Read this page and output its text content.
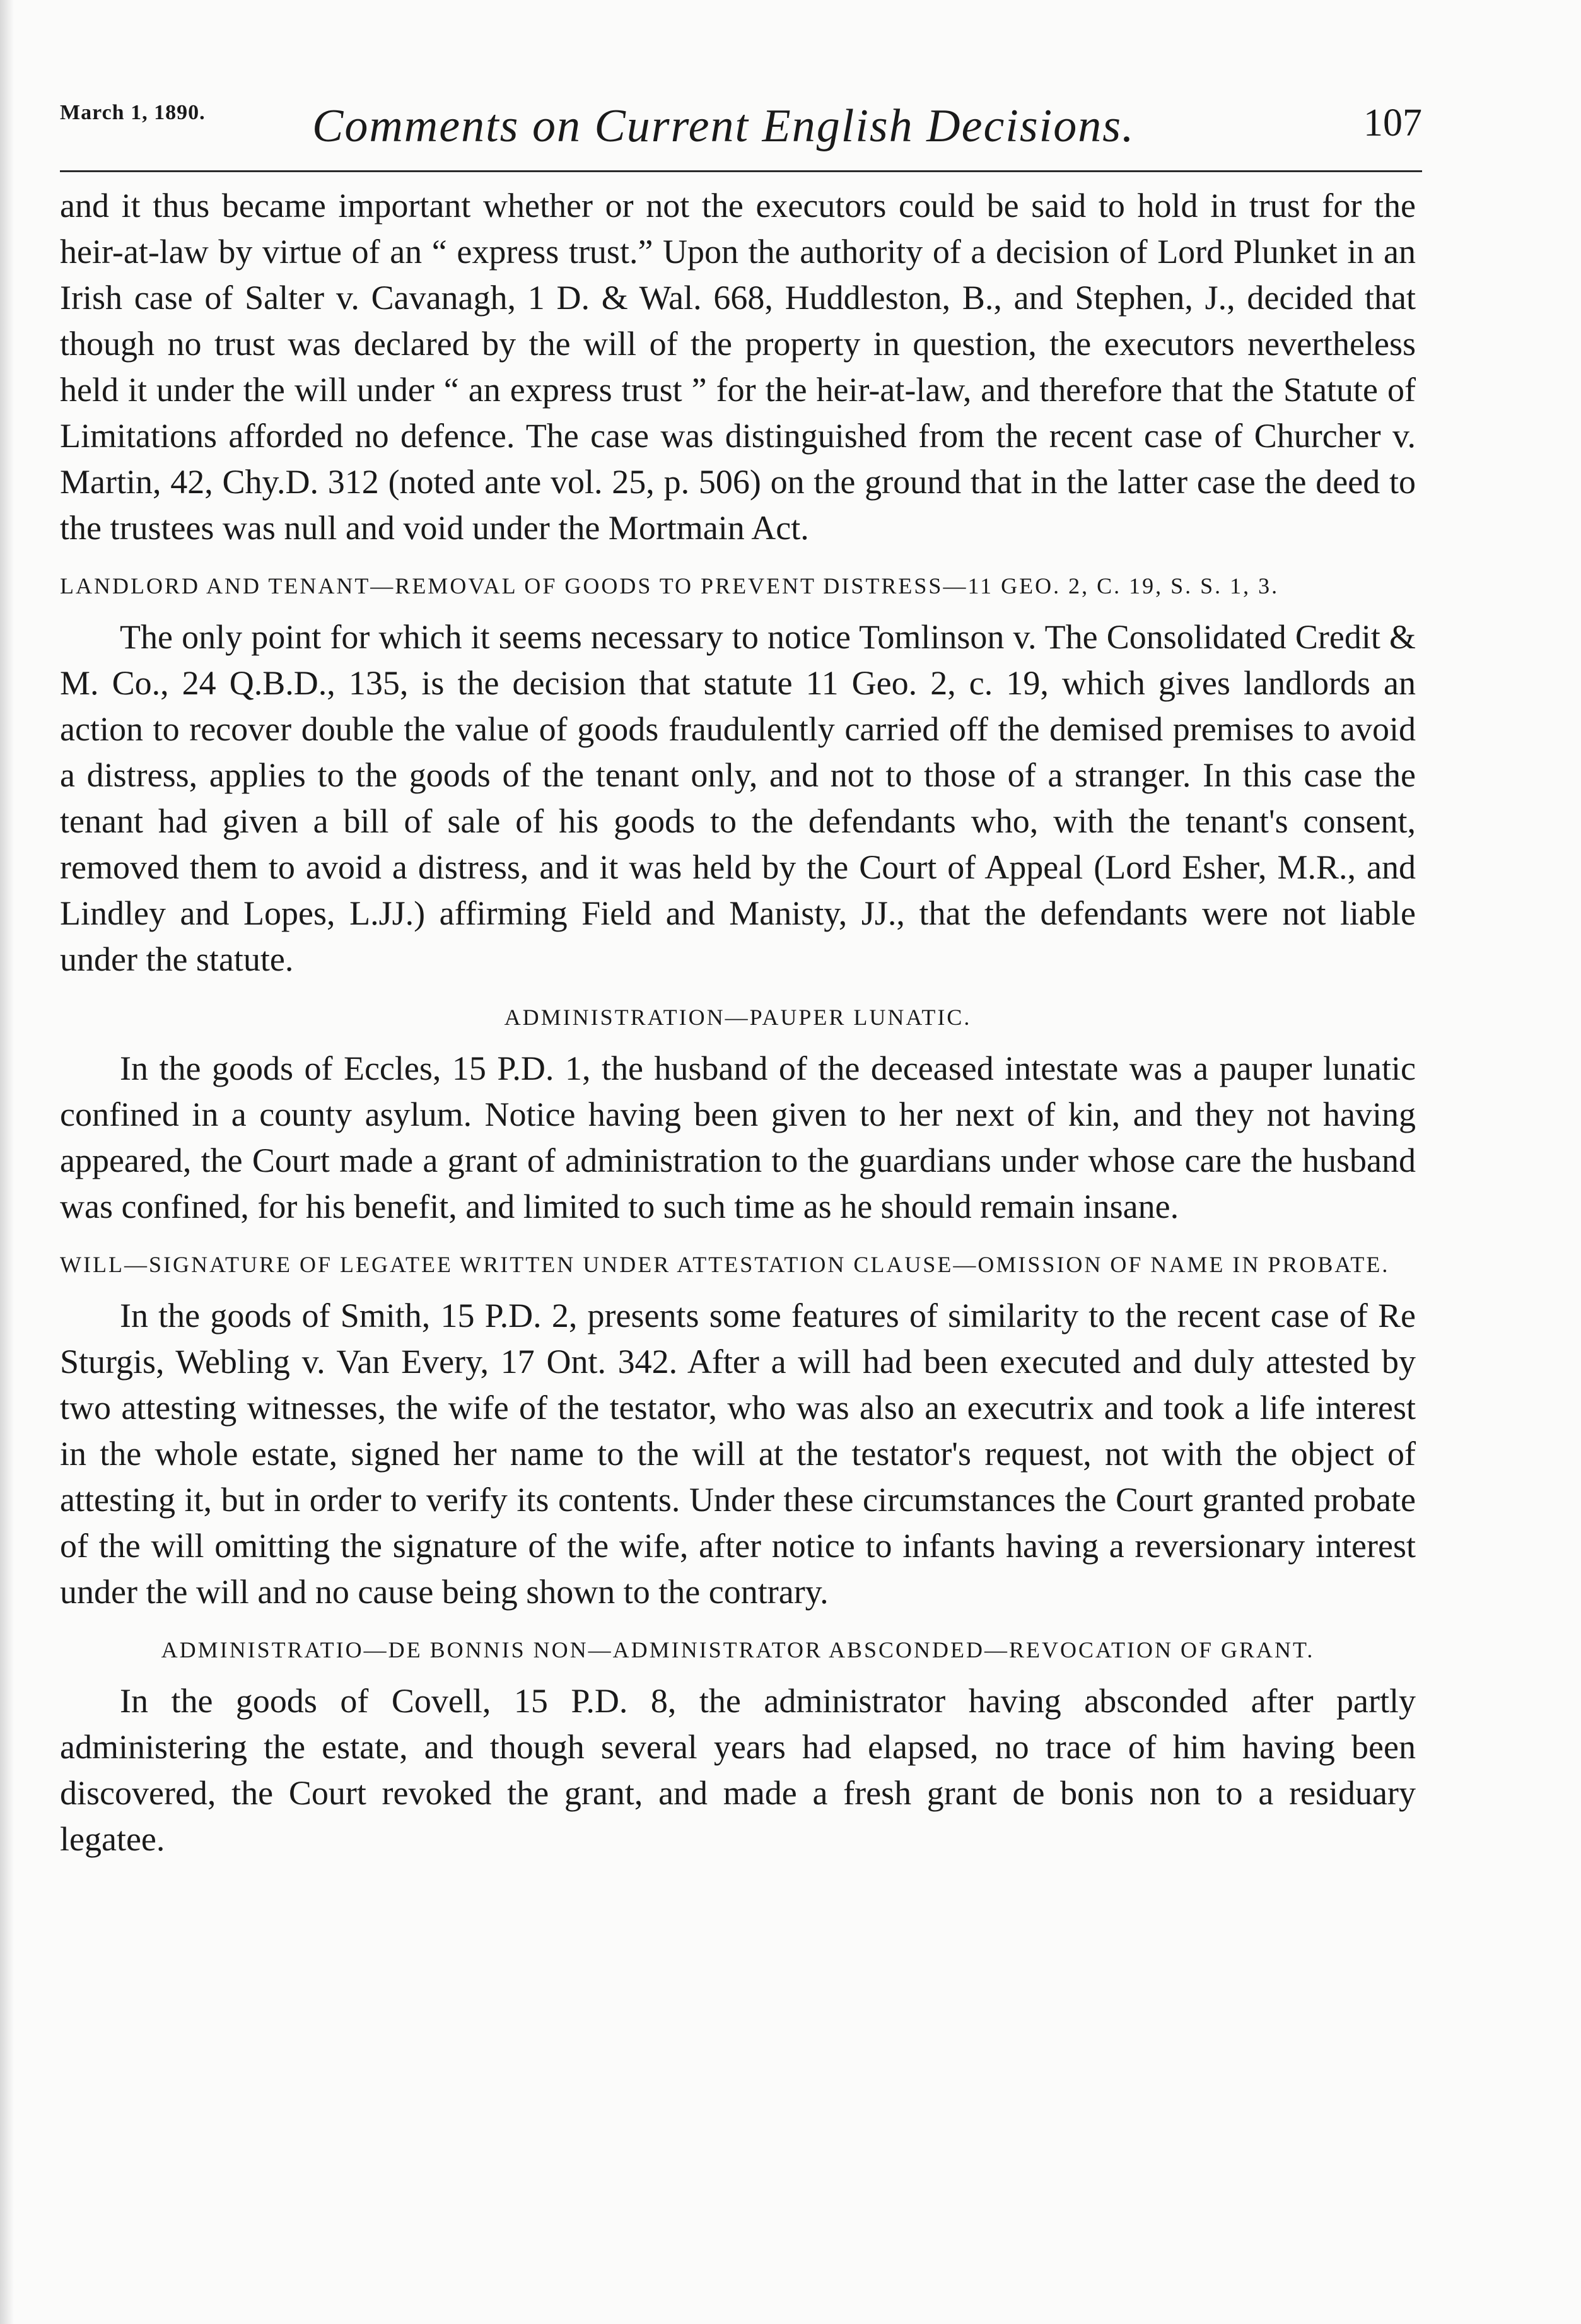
March 1, 1890. Comments on Current English Decisions.	107

and it thus became important whether or not the executors could be said to hold in trust for the heir-at-law by virtue of an “ express trust.” Upon the authority of a decision of Lord Plunket in an Irish case of Salter v. Cavanagh, 1 D. & Wal. 668, Huddleston, B., and Stephen, J., decided that though no trust was declared by the will of the property in question, the executors nevertheless held it under the will under “ an express trust ” for the heir-at-law, and therefore that the Statute of Limitations afforded no defence. The case was distinguished from the recent case of Churcher v. Martin, 42, Chy.D. 312 (noted ante vol. 25, p. 506) on the ground that in the latter case the deed to the trustees was null and void under the Mortmain Act.

LANDLORD AND TENANT—REMOVAL OF GOODS TO PREVENT DISTRESS—11 GEO. 2, C. 19, S. S. 1, 3.

The only point for which it seems necessary to notice Tomlinson v. The Consolidated Credit & M. Co., 24 Q.B.D., 135, is the decision that statute 11 Geo. 2, c. 19, which gives landlords an action to recover double the value of goods fraudulently carried off the demised premises to avoid a distress, applies to the goods of the tenant only, and not to those of a stranger. In this case the tenant had given a bill of sale of his goods to the defendants who, with the tenant's consent, removed them to avoid a distress, and it was held by the Court of Appeal (Lord Esher, M.R., and Lindley and Lopes, L.JJ.) affirming Field and Manisty, JJ., that the defendants were not liable under the statute.

ADMINISTRATION—PAUPER LUNATIC.

In the goods of Eccles, 15 P.D. 1, the husband of the deceased intestate was a pauper lunatic confined in a county asylum. Notice having been given to her next of kin, and they not having appeared, the Court made a grant of administration to the guardians under whose care the husband was confined, for his benefit, and limited to such time as he should remain insane.

WILL—SIGNATURE OF LEGATEE WRITTEN UNDER ATTESTATION CLAUSE—OMISSION OF NAME IN PROBATE.

In the goods of Smith, 15 P.D. 2, presents some features of similarity to the recent case of Re Sturgis, Webling v. Van Every, 17 Ont. 342. After a will had been executed and duly attested by two attesting witnesses, the wife of the testator, who was also an executrix and took a life interest in the whole estate, signed her name to the will at the testator's request, not with the object of attesting it, but in order to verify its contents. Under these circumstances the Court granted probate of the will omitting the signature of the wife, after notice to infants having a reversionary interest under the will and no cause being shown to the contrary.

ADMINISTRATIO—DE BONNIS NON—ADMINISTRATOR ABSCONDED—REVOCATION OF GRANT.

In the goods of Covell, 15 P.D. 8, the administrator having absconded after partly administering the estate, and though several years had elapsed, no trace of him having been discovered, the Court revoked the grant, and made a fresh grant de bonis non to a residuary legatee.
